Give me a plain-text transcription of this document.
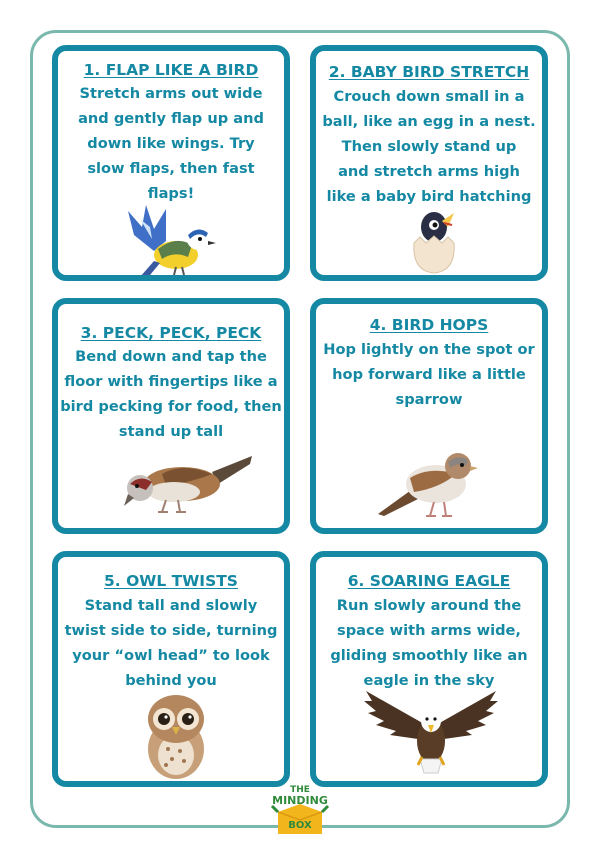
1. FLAP LIKE A BIRD
Stretch arms out wide
and gently flap up and
down like wings. Try
slow flaps, then fast
flaps!
2. BABY BIRD STRETCH
Crouch down small in a
ball, like an egg in a nest.
Then slowly stand up
and stretch arms high
like a baby bird hatching
3. PECK, PECK, PECK
Bend down and tap the
floor with fingertips like a
bird pecking for food, then
stand up tall
4. BIRD HOPS
Hop lightly on the spot or
hop forward like a little
sparrow
5. OWL TWISTS
Stand tall and slowly
twist side to side, turning
your “owl head” to look
behind you
6. SOARING EAGLE
Run slowly around the
space with arms wide,
gliding smoothly like an
eagle in the sky
THE
MINDING
BOX
